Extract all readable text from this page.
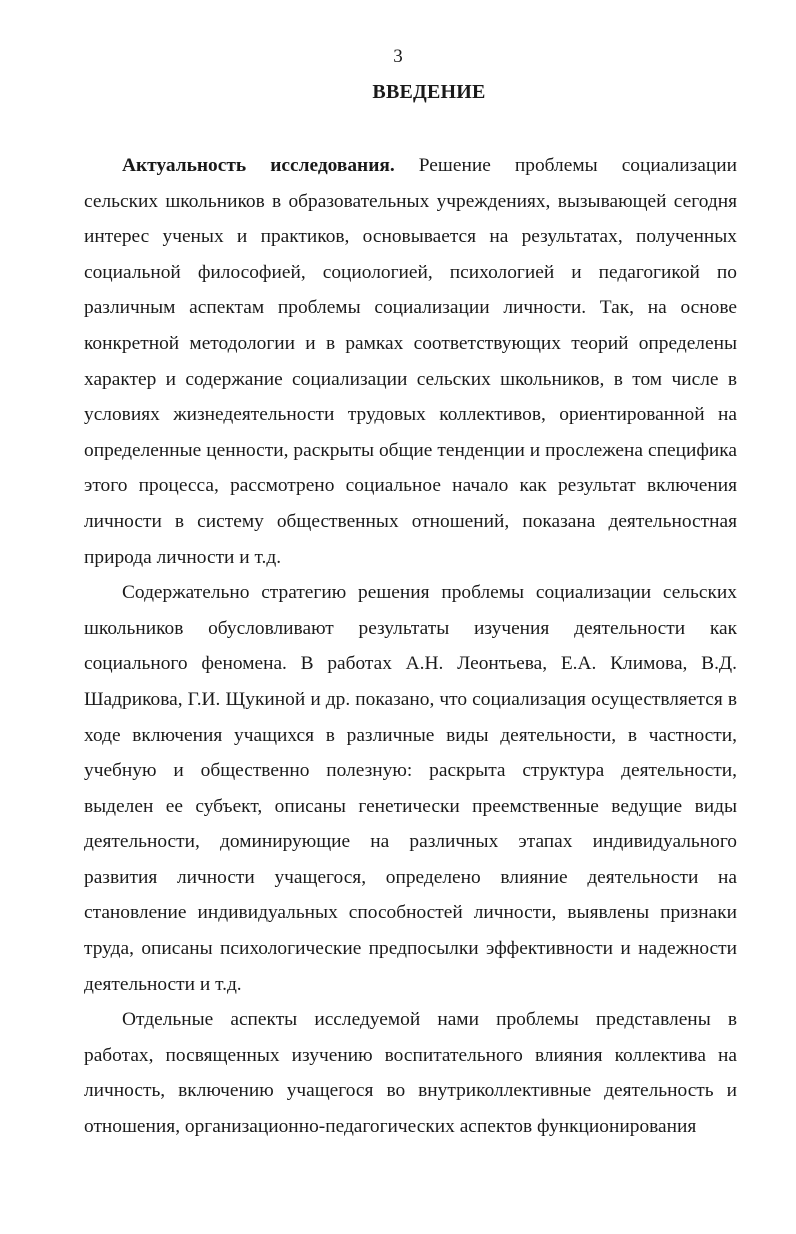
3
ВВЕДЕНИЕ

Актуальность исследования. Решение проблемы социализации сельских школьников в образовательных учреждениях, вызывающей сегодня интерес ученых и практиков, основывается на результатах, полученных социальной философией, социологией, психологией и педагогикой по различным аспектам проблемы социализации личности. Так, на основе конкретной методологии и в рамках соответствующих теорий определены характер и содержание социализации сельских школьников, в том числе в условиях жизнедеятельности трудовых коллективов, ориентированной на определенные ценности, раскрыты общие тенденции и прослежена специфика этого процесса, рассмотрено социальное начало как результат включения личности в систему общественных отношений, показана деятельностная природа личности и т.д.

Содержательно стратегию решения проблемы социализации сельских школьников обусловливают результаты изучения деятельности как социального феномена. В работах А.Н. Леонтьева, Е.А. Климова, В.Д. Шадрикова, Г.И. Щукиной и др. показано, что социализация осуществляется в ходе включения учащихся в различные виды деятельности, в частности, учебную и общественно полезную: раскрыта структура деятельности, выделен ее субъект, описаны генетически преемственные ведущие виды деятельности, доминирующие на различных этапах индивидуального развития личности учащегося, определено влияние деятельности на становление индивидуальных способностей личности, выявлены признаки труда, описаны психологические предпосылки эффективности и надежности деятельности и т.д.

Отдельные аспекты исследуемой нами проблемы представлены в работах, посвященных изучению воспитательного влияния коллектива на личность, включению учащегося во внутриколлективные деятельность и отношения, организационно-педагогических аспектов функционирования
